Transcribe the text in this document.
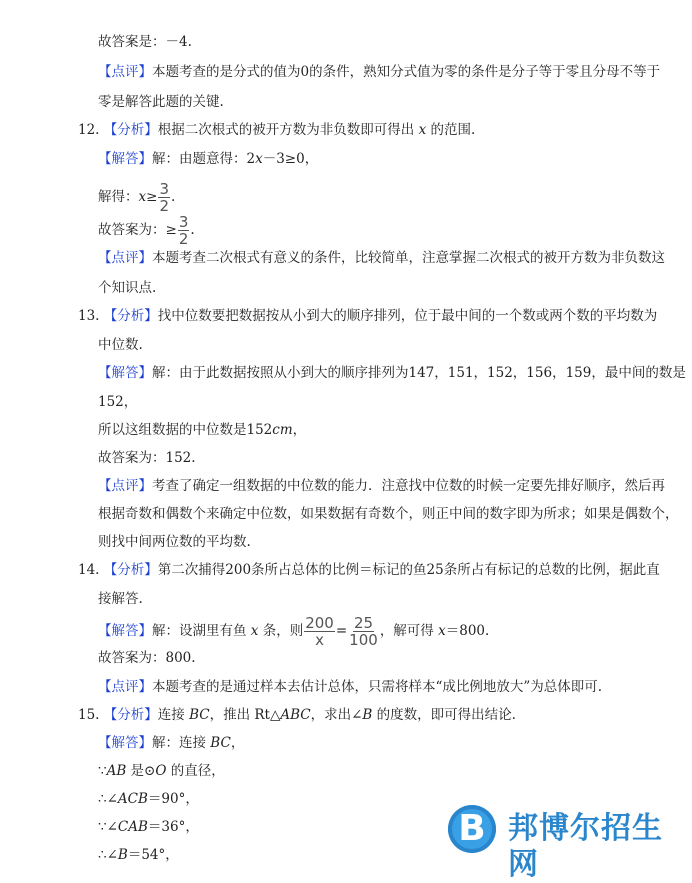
故答案是：－4.
【点评】本题考查的是分式的值为0的条件，熟知分式值为零的条件是分子等于零且分母不等于
零是解答此题的关键.
12. 【分析】根据二次根式的被开方数为非负数即可得出 x 的范围.
【解答】解：由题意得：2x－3≥0，
解得：$x\ge \frac{3}{2}$ .
故答案为：≥ $\frac{3}{2}$ .
【点评】本题考查二次根式有意义的条件，比较简单，注意掌握二次根式的被开方数为非负数这
个知识点.
13. 【分析】找中位数要把数据按从小到大的顺序排列，位于最中间的一个数或两个数的平均数为
中位数.
【解答】解：由于此数据按照从小到大的顺序排列为147，151，152，156，159，最中间的数是
152，
所以这组数据的中位数是152cm，
故答案为：152.
【点评】考查了确定一组数据的中位数的能力．注意找中位数的时候一定要先排好顺序，然后再
根据奇数和偶数个来确定中位数，如果数据有奇数个，则正中间的数字即为所求；如果是偶数个，
则找中间两位数的平均数.
14. 【分析】第二次捕得200条所占总体的比例＝标记的鱼25条所占有标记的总数的比例，据此直
接解答.
【解答】解：设湖里有鱼 x 条，则 $\frac{200}{x} = \frac{25}{100}$ ，解可得 x＝800.
故答案为：800.
【点评】本题考查的是通过样本去估计总体，只需将样本“成比例地放大”为总体即可.
15. 【分析】连接 BC，推出 Rt△ABC，求出∠B 的度数，即可得出结论.
【解答】解：连接 BC，
∵AB 是⊙O 的直径，
∴∠ACB＝90°，
∵∠CAB＝36°，
∴∠B＝54°，
B 邦博尔招生网
